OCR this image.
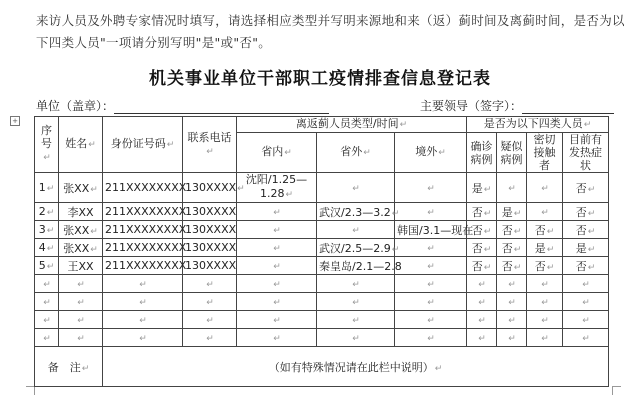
来访人员及外聘专家情况时填写，请选择相应类型并写明来源地和来（返）蓟时间及离蓟时间，是否为以下四类人员"一项请分别写明"是"或"否"。
机关事业单位干部职工疫情排查信息登记表
单位（盖章）：	主要领导（签字）：
+
序号↵	姓名↵	身份证号码↵	联系电话↵	离返蓟人员类型/时间↵			是否为以下四类人员↵			
				省内↵	省外↵	境外↵	确诊病例	疑似病例	密切接触者	目前有发热症状
1↵	张XX↵	211XXXXXXXX	130XXXX↵	沈阳/1.25—1.28↵	↵	↵	是↵	↵	↵	否↵
2↵	李XX	211XXXXXXXX	130XXXX	↵	武汉/2.3—3.2↵	↵	否↵	是↵	↵	否↵
3↵	张XX↵	211XXXXXXXX	130XXXX	↵	↵	韩国/3.1—现在	否↵	否↵	否↵	否↵
4↵	张XX↵	211XXXXXXXX	130XXXX	↵	武汉/2.5—2.9↵	↵	否↵	否↵	是↵	是↵
5↵	王XX	211XXXXXXXX	130XXXX	↵	秦皇岛/2.1—2.8	↵	否↵	否↵	否↵	否↵
↵	↵	↵	↵	↵	↵	↵	↵	↵	↵	↵
↵	↵	↵	↵	↵	↵	↵	↵	↵	↵	↵
↵	↵	↵	↵	↵	↵	↵	↵	↵	↵	↵
↵	↵	↵	↵	↵	↵	↵	↵	↵	↵	↵
备　注↵		（如有特殊情况请在此栏中说明）↵								
